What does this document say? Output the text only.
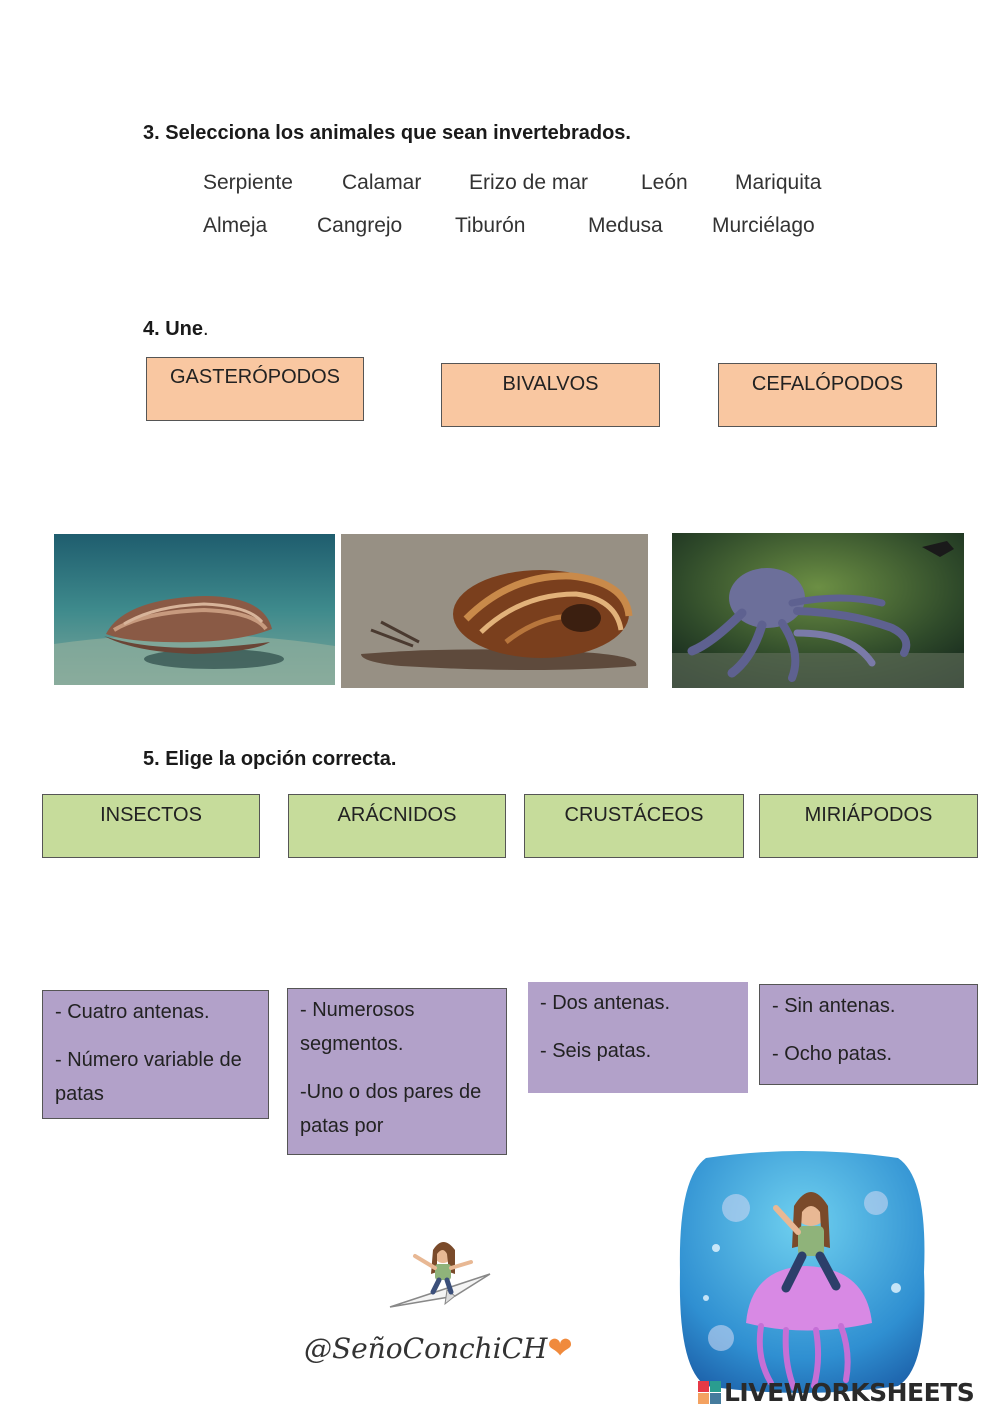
3. Selecciona los animales que sean invertebrados.
Serpiente Calamar Erizo de mar	León Mariquita
Almeja Cangrejo	Tiburón	Medusa Murciélago
4. Une.
GASTERÓPODOS	BIVALVOS	CEFALÓPODOS
5. Elige la opción correcta.
INSECTOS	ARÁCNIDOS	CRUSTÁCEOS	MIRIÁPODOS

- Cuatro antenas.

- Número variable de patas

- Numerosos segmentos.

-Uno o dos pares de patas por

- Dos antenas.

- Seis patas.

- Sin antenas.

- Ocho patas.

@SeñoConchiCH❤
LIVEWORKSHEETS
